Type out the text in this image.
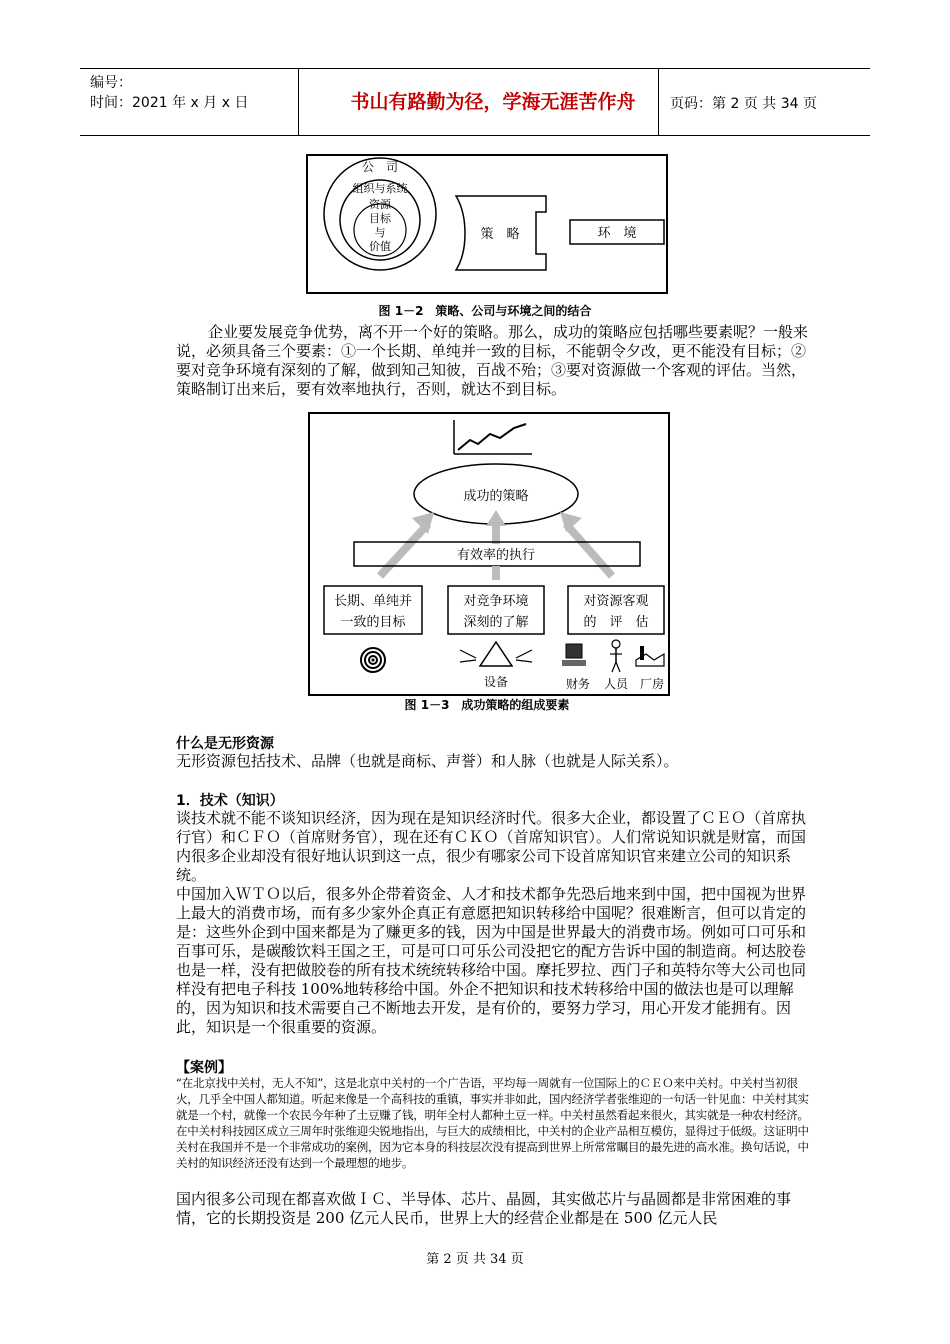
编号：
时间：2021 年 x 月 x 日	书山有路勤为径，学海无涯苦作舟	页码：第 2 页 共 34 页
公　司
组织与系统
资源
目标
与
价值
策　略	环　境
图 1－2　策略、公司与环境之间的结合
企业要发展竞争优势，离不开一个好的策略。那么，成功的策略应包括哪些要素呢？一般来说，必须具备三个要素：①一个长期、单纯并一致的目标，不能朝令夕改，更不能没有目标；②要对竞争环境有深刻的了解，做到知己知彼，百战不殆；③要对资源做一个客观的评估。当然，策略制订出来后，要有效率地执行，否则，就达不到目标。
成功的策略
有效率的执行
长期、单纯并
一致的目标
对竞争环境
深刻的了解
对资源客观
的　评　估
设备	财务 人员 厂房
图 1－3　成功策略的组成要素
什么是无形资源
无形资源包括技术、品牌（也就是商标、声誉）和人脉（也就是人际关系）。
1．技术（知识）
谈技术就不能不谈知识经济，因为现在是知识经济时代。很多大企业，都设置了ＣＥＯ（首席执行官）和ＣＦＯ（首席财务官），现在还有ＣＫＯ（首席知识官）。人们常说知识就是财富，而国内很多企业却没有很好地认识到这一点，很少有哪家公司下设首席知识官来建立公司的知识系统。
中国加入ＷＴＯ以后，很多外企带着资金、人才和技术都争先恐后地来到中国，把中国视为世界上最大的消费市场，而有多少家外企真正有意愿把知识转移给中国呢？很难断言，但可以肯定的是：这些外企到中国来都是为了赚更多的钱，因为中国是世界最大的消费市场。例如可口可乐和百事可乐，是碳酸饮料王国之王，可是可口可乐公司没把它的配方告诉中国的制造商。柯达胶卷也是一样，没有把做胶卷的所有技术统统转移给中国。摩托罗拉、西门子和英特尔等大公司也同样没有把电子科技 100%地转移给中国。外企不把知识和技术转移给中国的做法也是可以理解的，因为知识和技术需要自己不断地去开发，是有价的，要努力学习，用心开发才能拥有。因此，知识是一个很重要的资源。
【案例】
“在北京找中关村，无人不知”，这是北京中关村的一个广告语，平均每一周就有一位国际上的ＣＥＯ来中关村。中关村当初很火，几乎全中国人都知道。听起来像是一个高科技的重镇，事实并非如此，国内经济学者张维迎的一句话一针见血：中关村其实就是一个村，就像一个农民今年种了土豆赚了钱，明年全村人都种土豆一样。中关村虽然看起来很火，其实就是一种农村经济。在中关村科技园区成立三周年时张维迎尖锐地指出，与巨大的成绩相比，中关村的企业产品相互模仿，显得过于低级。这证明中关村在我国并不是一个非常成功的案例，因为它本身的科技层次没有提高到世界上所常常瞩目的最先进的高水准。换句话说，中关村的知识经济还没有达到一个最理想的地步。
国内很多公司现在都喜欢做ＩＣ、半导体、芯片、晶圆，其实做芯片与晶圆都是非常困难的事情，它的长期投资是 200 亿元人民币，世界上大的经营企业都是在 500 亿元人民
第 2 页 共 34 页
